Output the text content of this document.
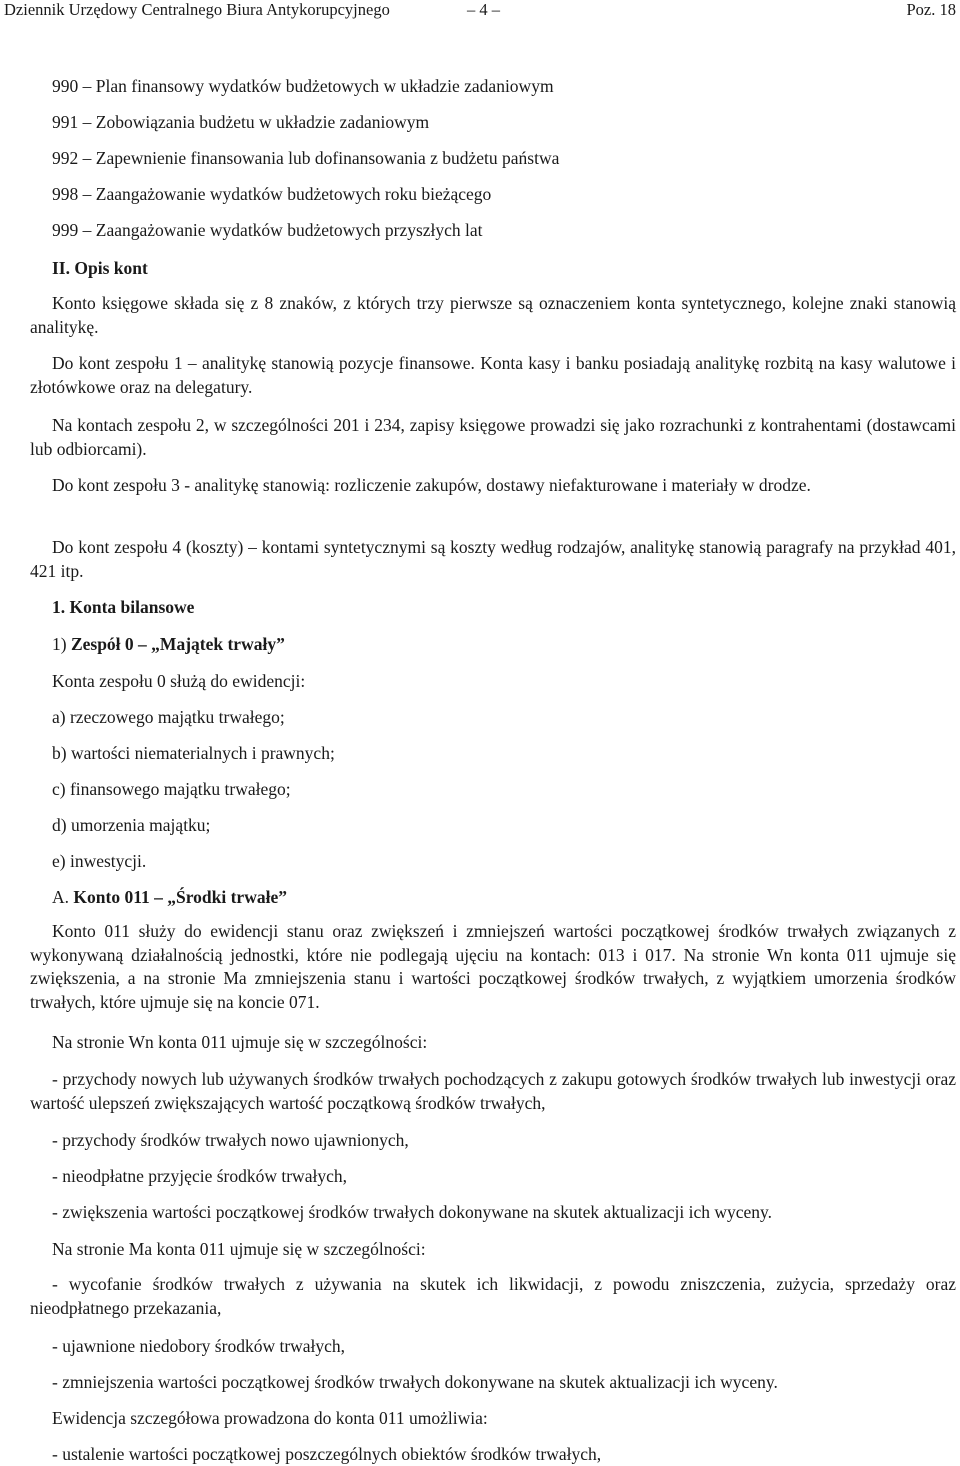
Dziennik Urzędowy Centralnego Biura Antykorupcyjnego	– 4 –	Poz. 18
990 – Plan finansowy wydatków budżetowych w układzie zadaniowym
991 – Zobowiązania budżetu w układzie zadaniowym
992 – Zapewnienie finansowania lub dofinansowania z budżetu państwa
998 – Zaangażowanie wydatków budżetowych roku bieżącego
999 – Zaangażowanie wydatków budżetowych przyszłych lat
II. Opis kont
Konto księgowe składa się z 8 znaków, z których trzy pierwsze są oznaczeniem konta syntetycznego, kolejne znaki stanowią analitykę.
Do kont zespołu 1 – analitykę stanowią pozycje finansowe. Konta kasy i banku posiadają analitykę rozbitą na kasy walutowe i złotówkowe oraz na delegatury.
Na kontach zespołu 2, w szczególności 201 i 234, zapisy księgowe prowadzi się jako rozrachunki z kontrahentami (dostawcami lub odbiorcami).
Do kont zespołu 3 - analitykę stanowią: rozliczenie zakupów, dostawy niefakturowane i materiały w drodze.
Do kont zespołu 4 (koszty) – kontami syntetycznymi są koszty według rodzajów, analitykę stanowią paragrafy na przykład 401, 421 itp.
1. Konta bilansowe
1) Zespół 0 – „Majątek trwały”
Konta zespołu 0 służą do ewidencji:
a) rzeczowego majątku trwałego;
b) wartości niematerialnych i prawnych;
c) finansowego majątku trwałego;
d) umorzenia majątku;
e) inwestycji.
A. Konto 011 – „Środki trwałe”
Konto 011 służy do ewidencji stanu oraz zwiększeń i zmniejszeń wartości początkowej środków trwałych związanych z wykonywaną działalnością jednostki, które nie podlegają ujęciu na kontach: 013 i 017. Na stronie Wn konta 011 ujmuje się zwiększenia, a na stronie Ma zmniejszenia stanu i wartości początkowej środków trwałych, z wyjątkiem umorzenia środków trwałych, które ujmuje się na koncie 071.
Na stronie Wn konta 011 ujmuje się w szczególności:
- przychody nowych lub używanych środków trwałych pochodzących z zakupu gotowych środków trwałych lub inwestycji oraz wartość ulepszeń zwiększających wartość początkową środków trwałych,
- przychody środków trwałych nowo ujawnionych,
- nieodpłatne przyjęcie środków trwałych,
- zwiększenia wartości początkowej środków trwałych dokonywane na skutek aktualizacji ich wyceny.
Na stronie Ma konta 011 ujmuje się w szczególności:
- wycofanie środków trwałych z używania na skutek ich likwidacji, z powodu zniszczenia, zużycia, sprzedaży oraz nieodpłatnego przekazania,
- ujawnione niedobory środków trwałych,
- zmniejszenia wartości początkowej środków trwałych dokonywane na skutek aktualizacji ich wyceny.
Ewidencja szczegółowa prowadzona do konta 011 umożliwia:
- ustalenie wartości początkowej poszczególnych obiektów środków trwałych,
